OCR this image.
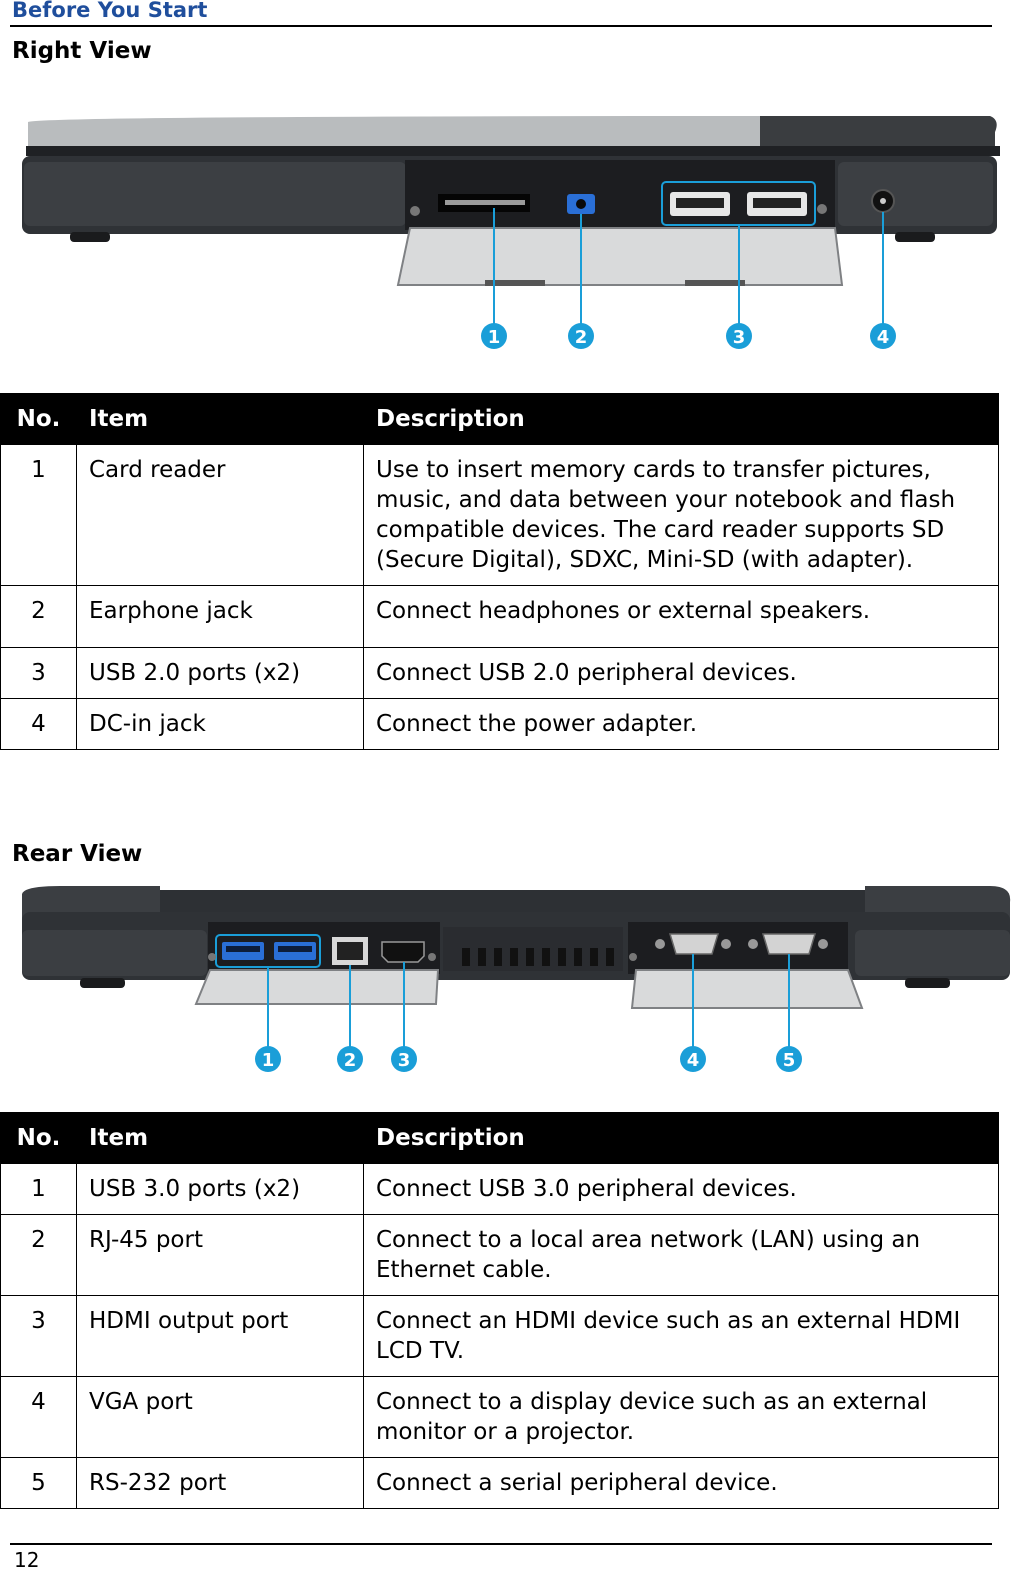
Before You Start
Right View
1	2	3	4
No.	Item	Description
1	Card reader	Use to insert memory cards to transfer pictures, music, and data between your notebook and flash compatible devices. The card reader supports SD (Secure Digital), SDXC, Mini-SD (with adapter).
2	Earphone jack	Connect headphones or external speakers.
3	USB 2.0 ports (x2)	Connect USB 2.0 peripheral devices.
4	DC-in jack	Connect the power adapter.
Rear View
1	2 3	4	5
No.	Item	Description
1	USB 3.0 ports (x2)	Connect USB 3.0 peripheral devices.
2	RJ-45 port	Connect to a local area network (LAN) using an Ethernet cable.
3	HDMI output port	Connect an HDMI device such as an external HDMI LCD TV.
4	VGA port	Connect to a display device such as an external monitor or a projector.
5	RS-232 port	Connect a serial peripheral device.
12
